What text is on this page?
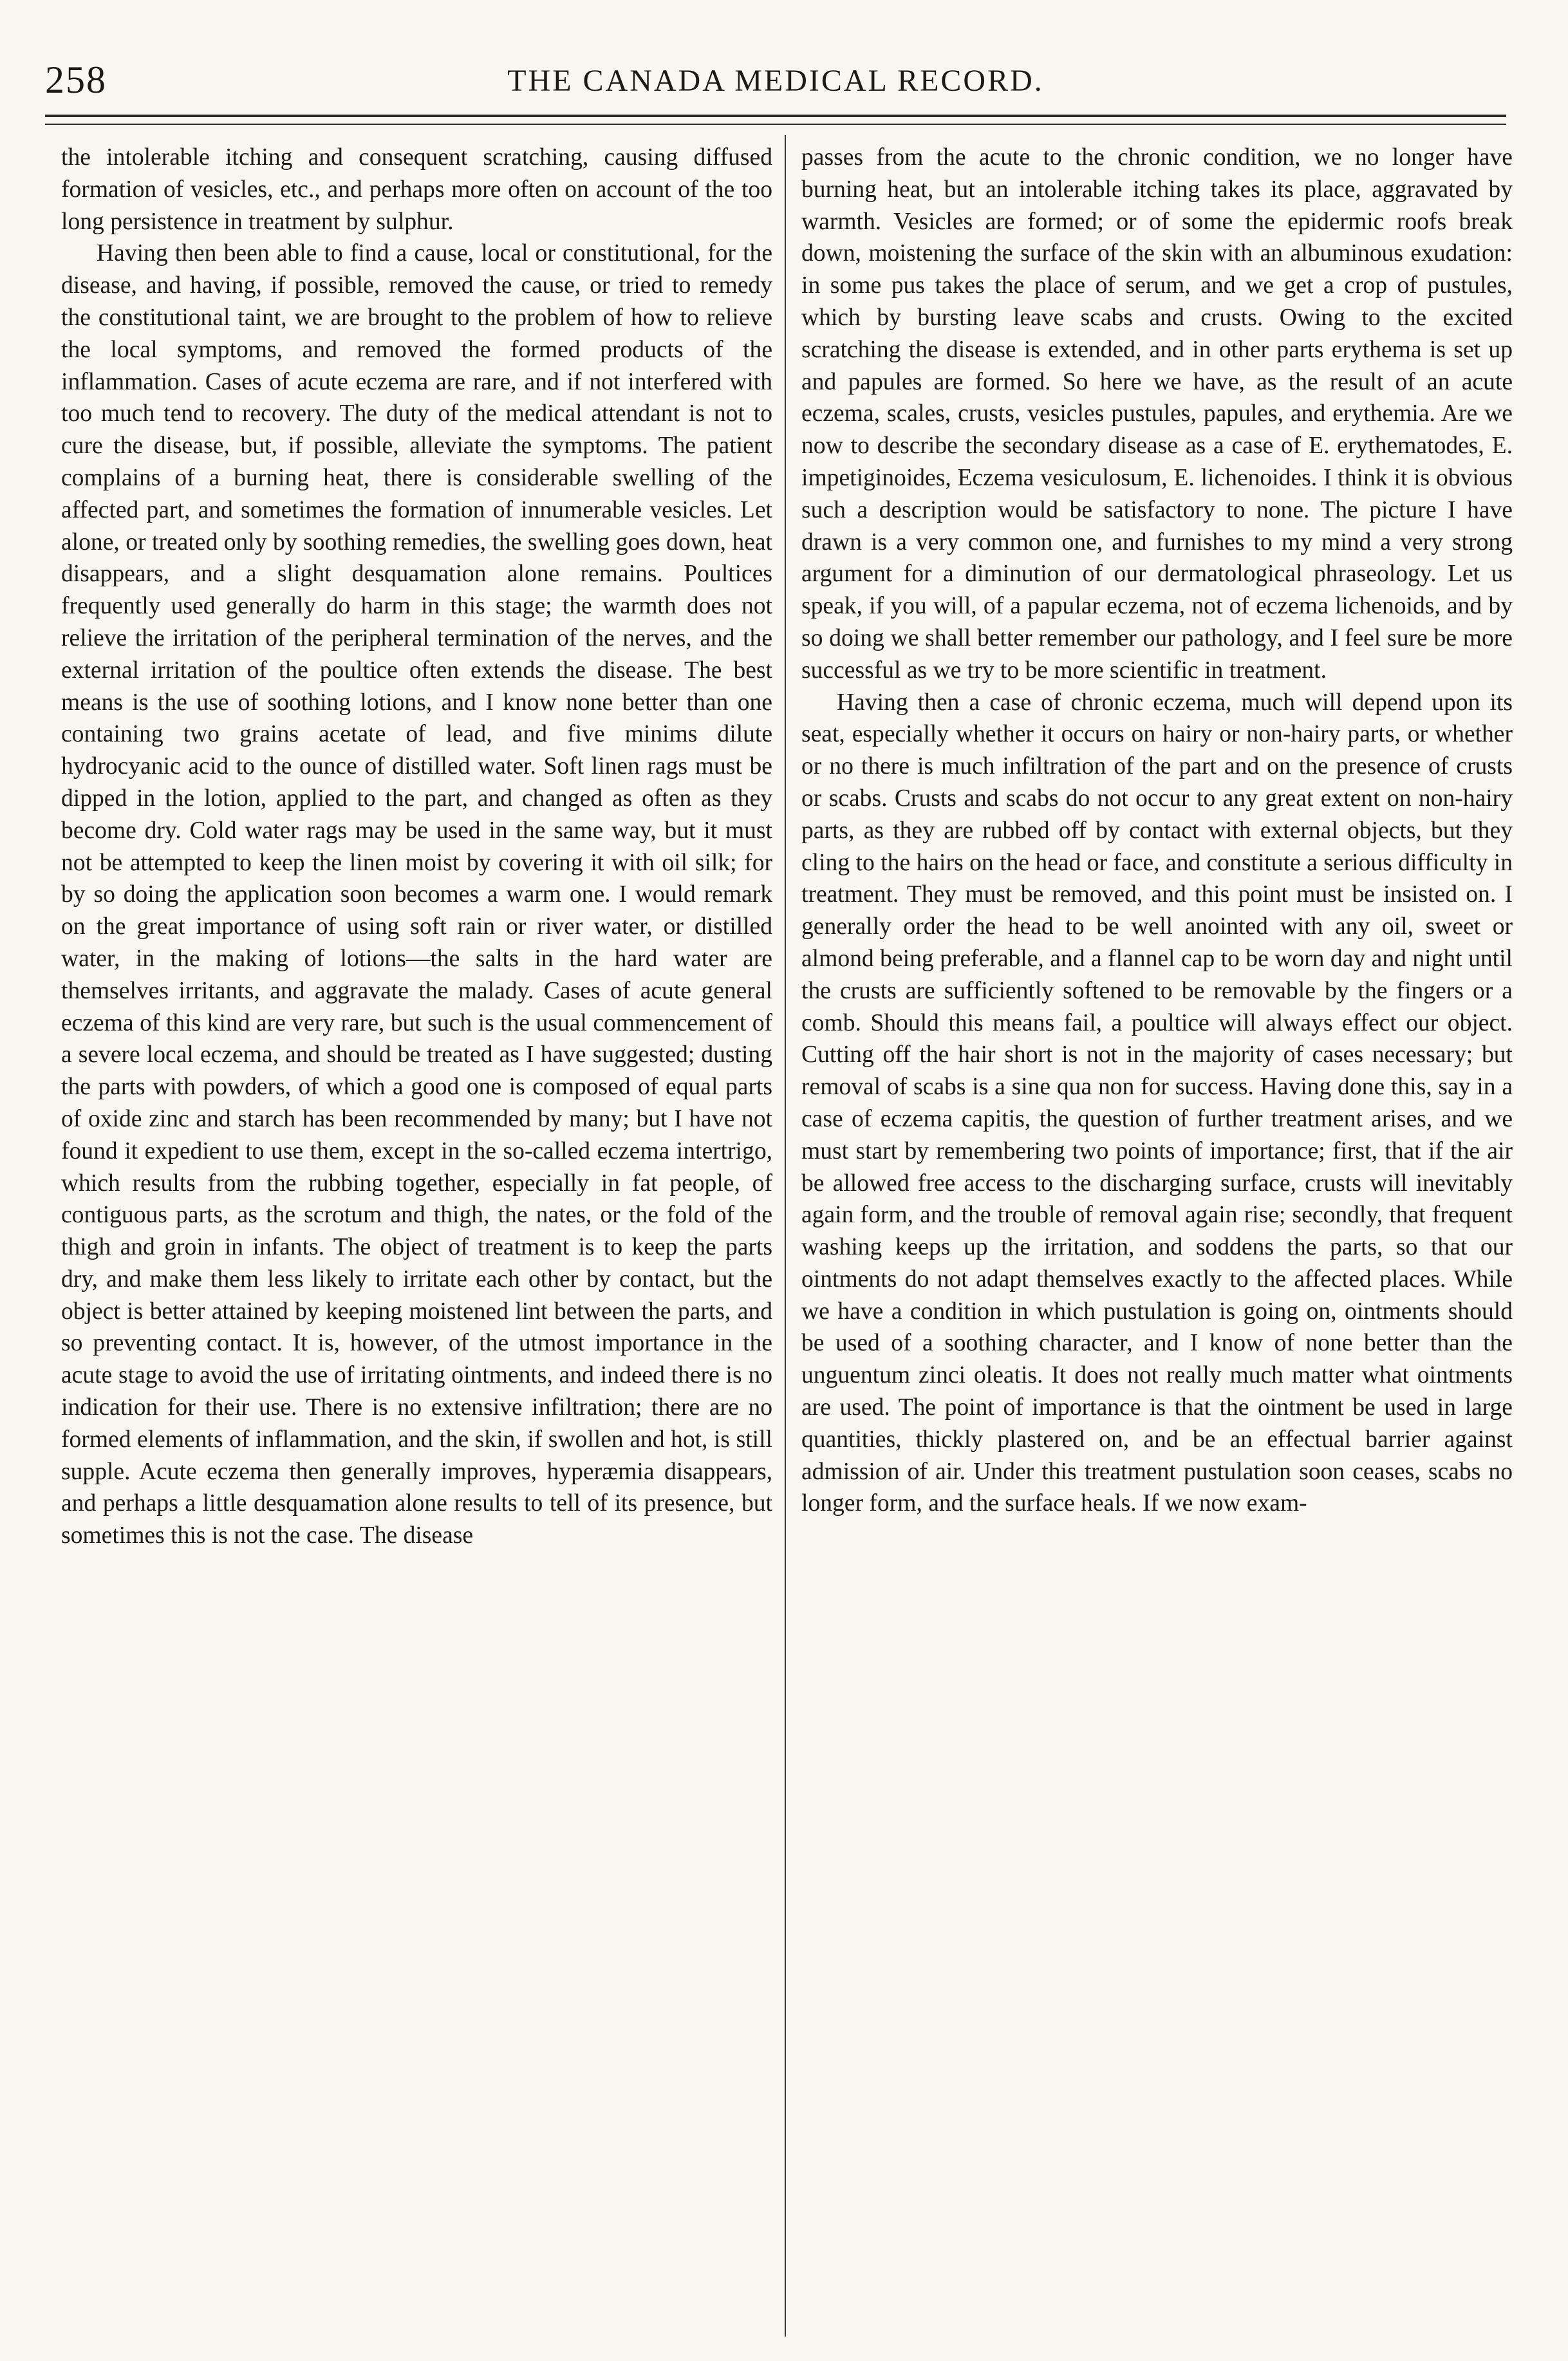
258	THE CANADA MEDICAL RECORD.

the intolerable itching and consequent scratching, causing diffused formation of vesicles, etc., and perhaps more often on account of the too long persistence in treatment by sulphur.

Having then been able to find a cause, local or constitutional, for the disease, and having, if possible, removed the cause, or tried to remedy the constitutional taint, we are brought to the problem of how to relieve the local symptoms, and removed the formed products of the inflammation. Cases of acute eczema are rare, and if not interfered with too much tend to recovery. The duty of the medical attendant is not to cure the disease, but, if possible, alleviate the symptoms. The patient complains of a burning heat, there is considerable swelling of the affected part, and sometimes the formation of innumerable vesicles. Let alone, or treated only by soothing remedies, the swelling goes down, heat disappears, and a slight desquamation alone remains. Poultices frequently used generally do harm in this stage; the warmth does not relieve the irritation of the peripheral termination of the nerves, and the external irritation of the poultice often extends the disease. The best means is the use of soothing lotions, and I know none better than one containing two grains acetate of lead, and five minims dilute hydrocyanic acid to the ounce of distilled water. Soft linen rags must be dipped in the lotion, applied to the part, and changed as often as they become dry. Cold water rags may be used in the same way, but it must not be attempted to keep the linen moist by covering it with oil silk; for by so doing the application soon becomes a warm one. I would remark on the great importance of using soft rain or river water, or distilled water, in the making of lotions—the salts in the hard water are themselves irritants, and aggravate the malady. Cases of acute general eczema of this kind are very rare, but such is the usual commencement of a severe local eczema, and should be treated as I have suggested; dusting the parts with powders, of which a good one is composed of equal parts of oxide zinc and starch has been recommended by many; but I have not found it expedient to use them, except in the so-called eczema intertrigo, which results from the rubbing together, especially in fat people, of contiguous parts, as the scrotum and thigh, the nates, or the fold of the thigh and groin in infants. The object of treatment is to keep the parts dry, and make them less likely to irritate each other by contact, but the object is better attained by keeping moistened lint between the parts, and so preventing contact. It is, however, of the utmost importance in the acute stage to avoid the use of irritating ointments, and indeed there is no indication for their use. There is no extensive infiltration; there are no formed elements of inflammation, and the skin, if swollen and hot, is still supple. Acute eczema then generally improves, hyperæmia disappears, and perhaps a little desquamation alone results to tell of its presence, but sometimes this is not the case. The disease

passes from the acute to the chronic condition, we no longer have burning heat, but an intolerable itching takes its place, aggravated by warmth. Vesicles are formed; or of some the epidermic roofs break down, moistening the surface of the skin with an albuminous exudation: in some pus takes the place of serum, and we get a crop of pustules, which by bursting leave scabs and crusts. Owing to the excited scratching the disease is extended, and in other parts erythema is set up and papules are formed. So here we have, as the result of an acute eczema, scales, crusts, vesicles pustules, papules, and erythemia. Are we now to describe the secondary disease as a case of E. erythematodes, E. impetiginoides, Eczema vesiculosum, E. lichenoides. I think it is obvious such a description would be satisfactory to none. The picture I have drawn is a very common one, and furnishes to my mind a very strong argument for a diminution of our dermatological phraseology. Let us speak, if you will, of a papular eczema, not of eczema lichenoids, and by so doing we shall better remember our pathology, and I feel sure be more successful as we try to be more scientific in treatment.

Having then a case of chronic eczema, much will depend upon its seat, especially whether it occurs on hairy or non-hairy parts, or whether or no there is much infiltration of the part and on the presence of crusts or scabs. Crusts and scabs do not occur to any great extent on non-hairy parts, as they are rubbed off by contact with external objects, but they cling to the hairs on the head or face, and constitute a serious difficulty in treatment. They must be removed, and this point must be insisted on. I generally order the head to be well anointed with any oil, sweet or almond being preferable, and a flannel cap to be worn day and night until the crusts are sufficiently softened to be removable by the fingers or a comb. Should this means fail, a poultice will always effect our object. Cutting off the hair short is not in the majority of cases necessary; but removal of scabs is a sine qua non for success. Having done this, say in a case of eczema capitis, the question of further treatment arises, and we must start by remembering two points of importance; first, that if the air be allowed free access to the discharging surface, crusts will inevitably again form, and the trouble of removal again rise; secondly, that frequent washing keeps up the irritation, and soddens the parts, so that our ointments do not adapt themselves exactly to the affected places. While we have a condition in which pustulation is going on, ointments should be used of a soothing character, and I know of none better than the unguentum zinci oleatis. It does not really much matter what ointments are used. The point of importance is that the ointment be used in large quantities, thickly plastered on, and be an effectual barrier against admission of air. Under this treatment pustulation soon ceases, scabs no longer form, and the surface heals. If we now exam-
